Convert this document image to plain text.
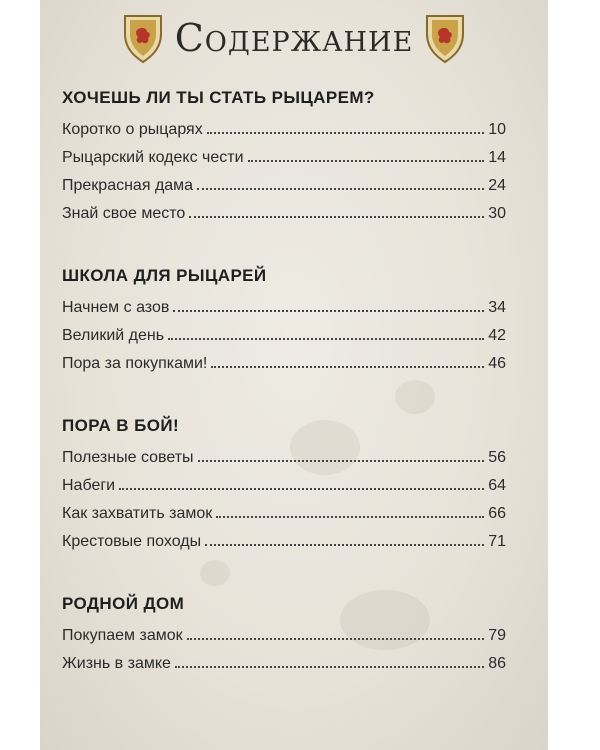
Содержание
ХОЧЕШЬ ЛИ ТЫ СТАТЬ РЫЦАРЕМ?
Коротко о рыцарях	10
Рыцарский кодекс чести	14
Прекрасная дама	24
Знай свое место	30
ШКОЛА ДЛЯ РЫЦАРЕЙ
Начнем с азов	34
Великий день	42
Пора за покупками!	46
ПОРА В БОЙ!
Полезные советы	56
Набеги	64
Как захватить замок	66
Крестовые походы	71
РОДНОЙ ДОМ
Покупаем замок	79
Жизнь в замке	86
